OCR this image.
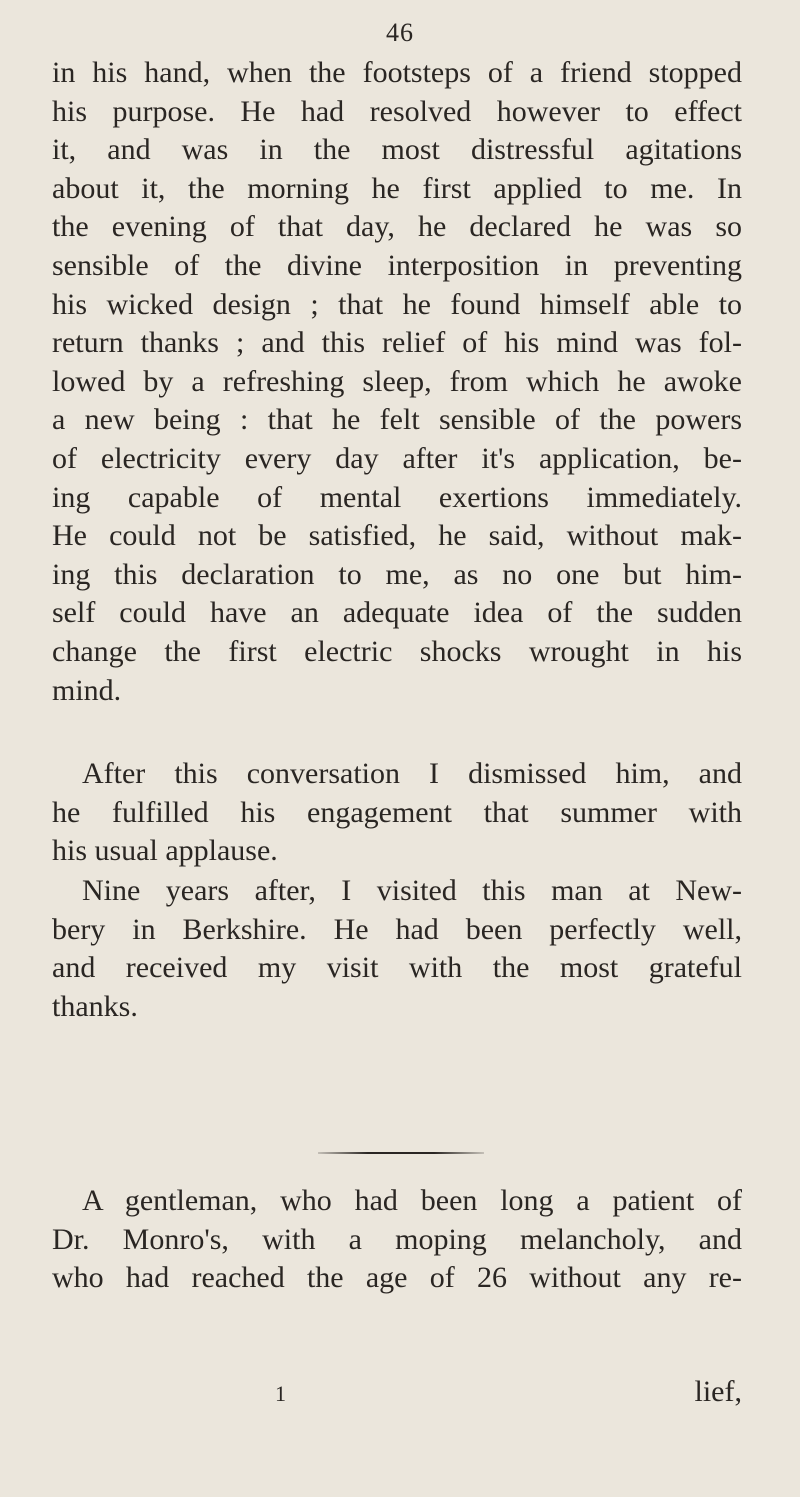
46
in his hand, when the footsteps of a friend stopped
his purpose. He had resolved however to effect
it, and was in the most distressful agitations
about it, the morning he first applied to me. In
the evening of that day, he declared he was so
sensible of the divine interposition in preventing
his wicked design ; that he found himself able to
return thanks ; and this relief of his mind was fol-
lowed by a refreshing sleep, from which he awoke
a new being : that he felt sensible of the powers
of electricity every day after it's application, be-
ing capable of mental exertions immediately.
He could not be satisfied, he said, without mak-
ing this declaration to me, as no one but him-
self could have an adequate idea of the sudden
change the first electric shocks wrought in his
mind.
After this conversation I dismissed him, and
he fulfilled his engagement that summer with
his usual applause.
Nine years after, I visited this man at New-
bery in Berkshire. He had been perfectly well,
and received my visit with the most grateful
thanks.
A gentleman, who had been long a patient of
Dr. Monro's, with a moping melancholy, and
who had reached the age of 26 without any re-
1	lief,
